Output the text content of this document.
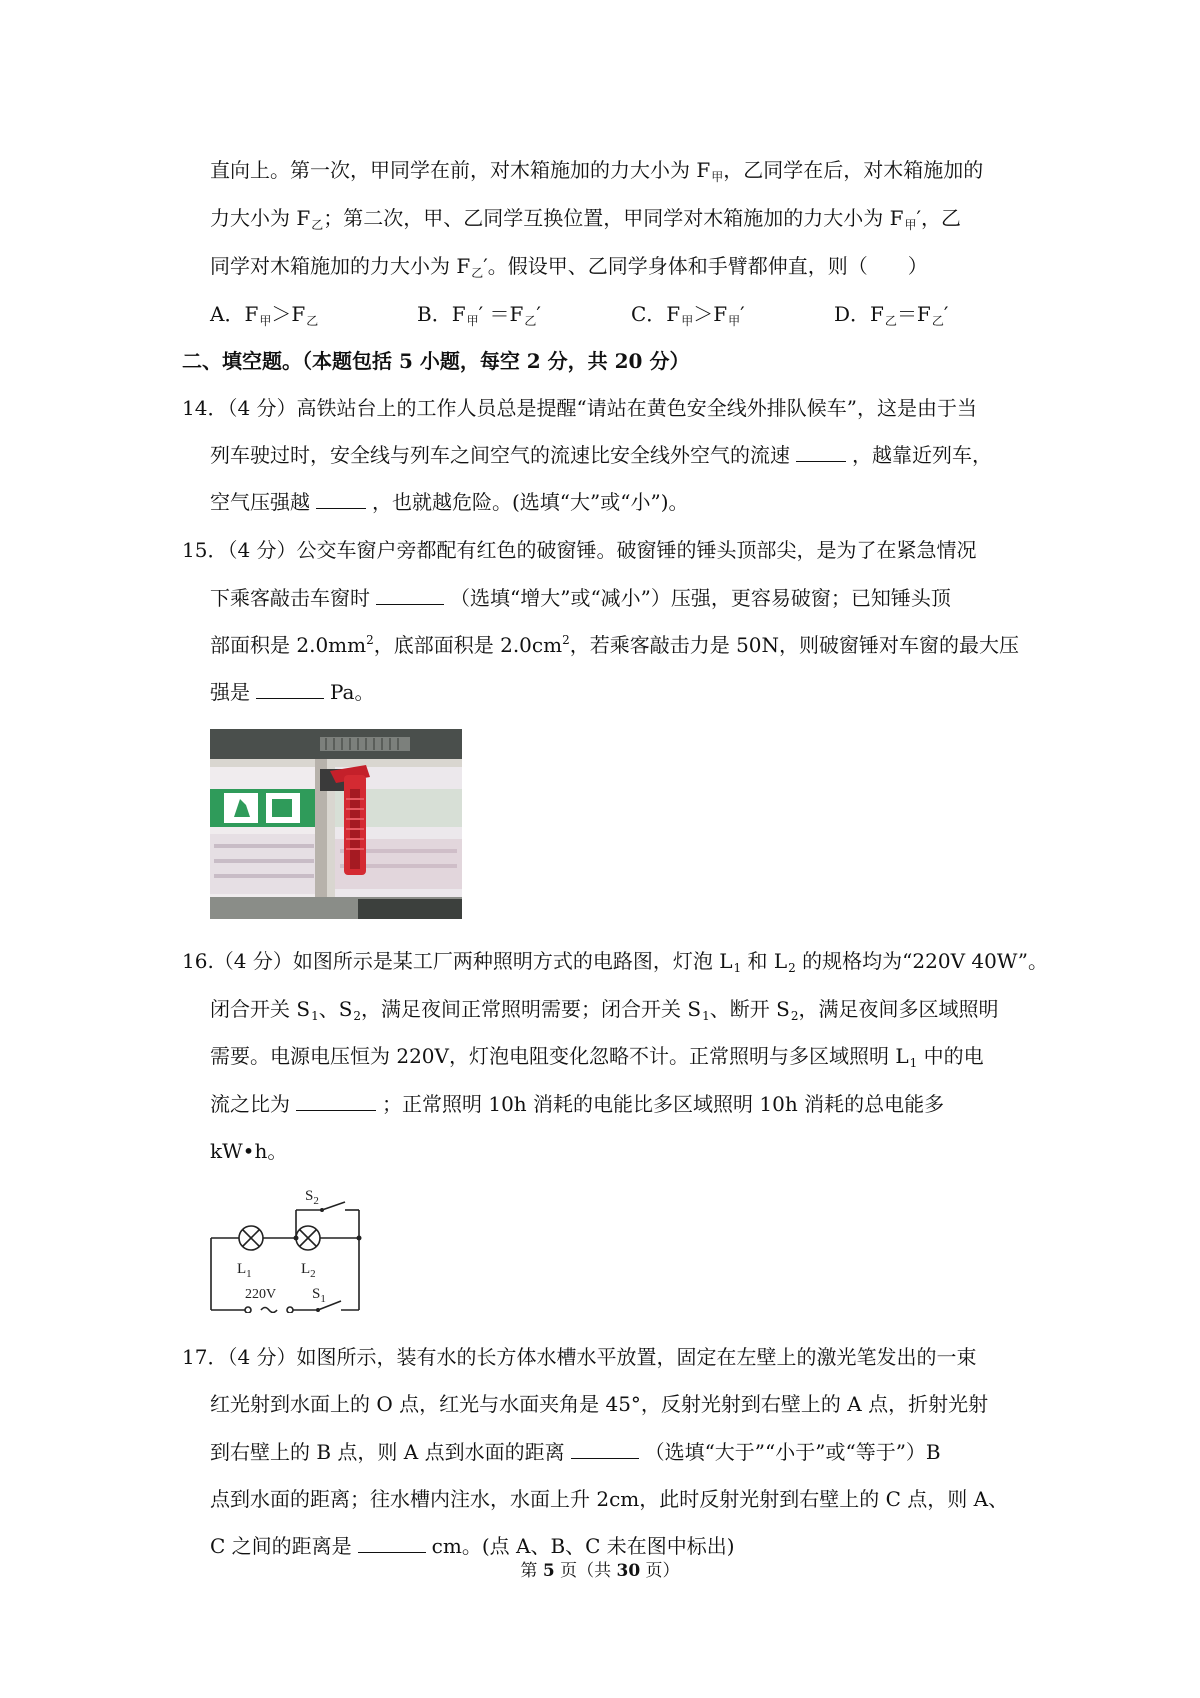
直向上。第一次，甲同学在前，对木箱施加的力大小为 $F_甲$，乙同学在后，对木箱施加的
力大小为 $F_乙$；第二次，甲、乙同学互换位置，甲同学对木箱施加的力大小为 $F_甲'$，乙
同学对木箱施加的力大小为 $F_乙'$。假设甲、乙同学身体和手臂都伸直，则（　　）
A．$F_甲>F_乙$	B．$F_甲' =F_乙'$	C．$F_甲>F_甲'$	D．$F_乙=F_乙'$
二、填空题。（本题包括 5 小题，每空 2 分，共 20 分）
14．（4 分）高铁站台上的工作人员总是提醒“请站在黄色安全线外排队候车”，这是由于当
列车驶过时，安全线与列车之间空气的流速比安全线外空气的流速	，越靠近列车，
空气压强越	，也就越危险。(选填“大”或“小”)。
15．（4 分）公交车窗户旁都配有红色的破窗锤。破窗锤的锤头顶部尖，是为了在紧急情况
下乘客敲击车窗时	（选填“增大”或“减小”）压强，更容易破窗；已知锤头顶
部面积是 $2.0mm^2$，底部面积是 $2.0cm^2$，若乘客敲击力是 50N，则破窗锤对车窗的最大压
强是	Pa。
16.（4 分）如图所示是某工厂两种照明方式的电路图，灯泡 $L_1$ 和 $L_2$ 的规格均为“220V 40W”。
闭合开关 $S_1$、$S_2$，满足夜间正常照明需要；闭合开关 $S_1$、断开 $S_2$，满足夜间多区域照明
需要。电源电压恒为 220V，灯泡电阻变化忽略不计。正常照明与多区域照明 $L_1$ 中的电
流之比为	；正常照明 10h 消耗的电能比多区域照明 10h 消耗的总电能多
kW•h。
$S_2$
$L_1$	$L_2$
220V $S_1$
17．（4 分）如图所示，装有水的长方体水槽水平放置，固定在左壁上的激光笔发出的一束
红光射到水面上的 O 点，红光与水面夹角是 45°，反射光射到右壁上的 A 点，折射光射
到右壁上的 B 点，则 A 点到水面的距离	（选填“大于”“小于”或“等于”）B
点到水面的距离；往水槽内注水，水面上升 2cm，此时反射光射到右壁上的 C 点，则 A、
C 之间的距离是	cm。(点 A、B、C 未在图中标出)
第 5 页（共 30 页）
